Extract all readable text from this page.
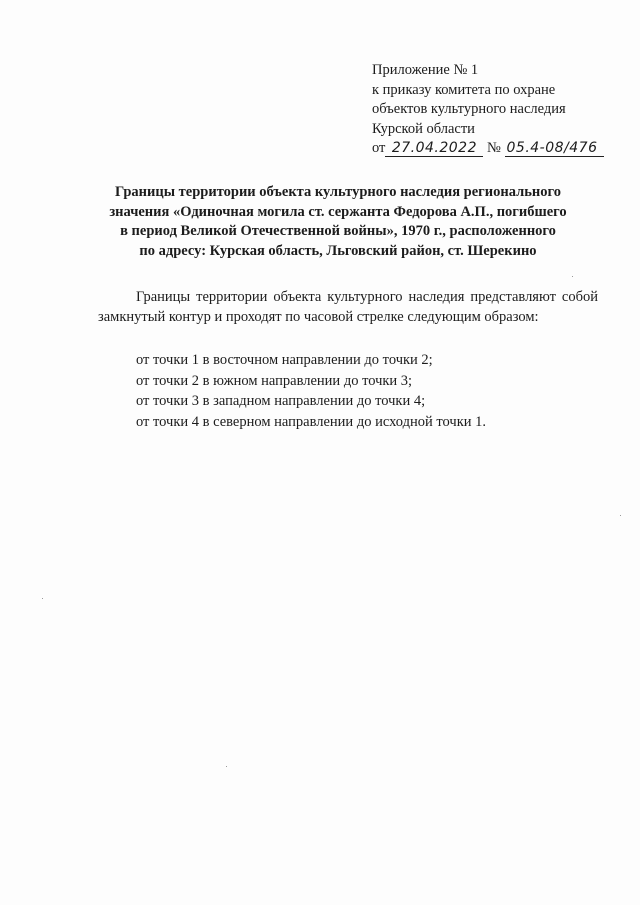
Приложение № 1
к приказу комитета по охране
объектов культурного наследия
Курской области
от 27.04.2022 № 05.4-08/476
Границы территории объекта культурного наследия регионального
значения «Одиночная могила ст. сержанта Федорова А.П., погибшего
в период Великой Отечественной войны», 1970 г., расположенного
по адресу: Курская область, Льговский район, ст. Шерекино
Границы территории объекта культурного наследия представляют собой замкнутый контур и проходят по часовой стрелке следующим образом:
от точки 1 в восточном направлении до точки 2;
от точки 2 в южном направлении до точки 3;
от точки 3 в западном направлении до точки 4;
от точки 4 в северном направлении до исходной точки 1.
